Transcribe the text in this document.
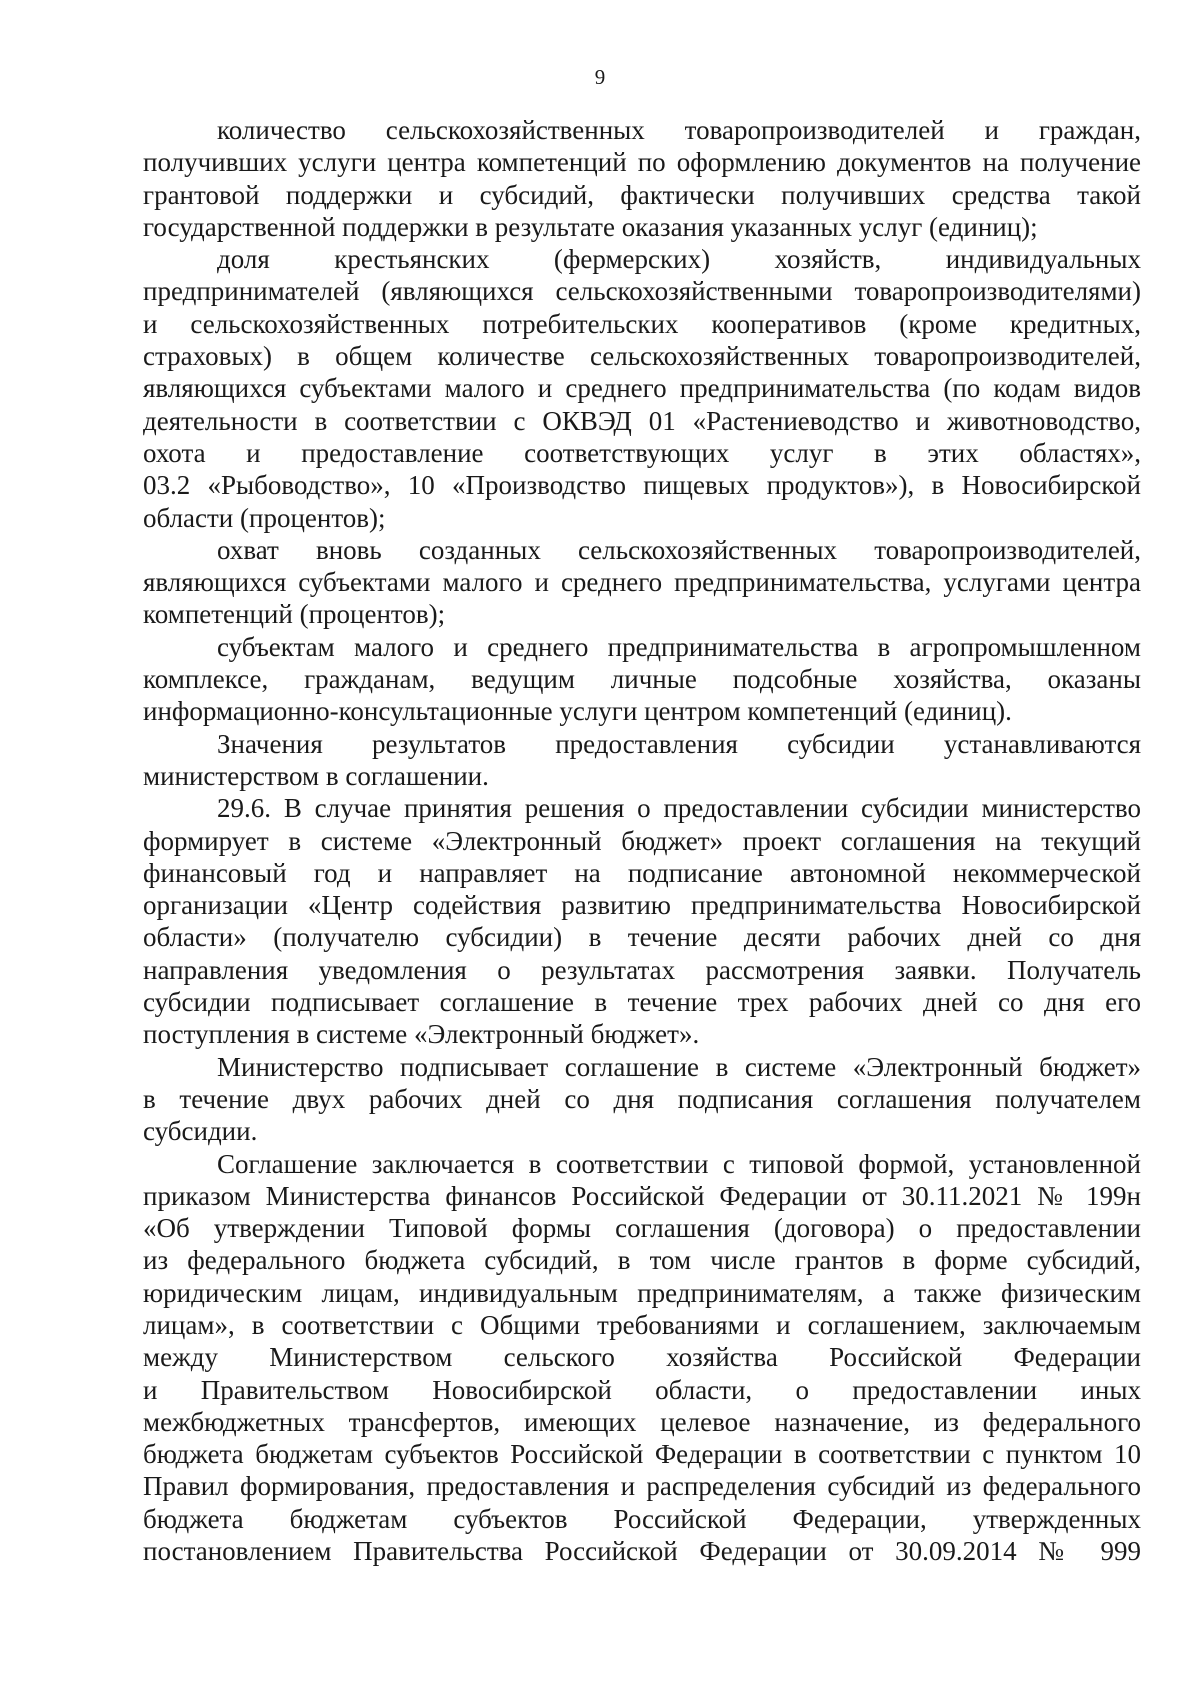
9
количество сельскохозяйственных товаропроизводителей и граждан,
получивших услуги центра компетенций по оформлению документов на получение
грантовой поддержки и субсидий, фактически получивших средства такой
государственной поддержки в результате оказания указанных услуг (единиц);
доля крестьянских (фермерских) хозяйств, индивидуальных
предпринимателей (являющихся сельскохозяйственными товаропроизводителями)
и сельскохозяйственных потребительских кооперативов (кроме кредитных,
страховых) в общем количестве сельскохозяйственных товаропроизводителей,
являющихся субъектами малого и среднего предпринимательства (по кодам видов
деятельности в соответствии с ОКВЭД 01 «Растениеводство и животноводство,
охота и предоставление соответствующих услуг в этих областях»,
03.2 «Рыбоводство», 10 «Производство пищевых продуктов»), в Новосибирской
области (процентов);
охват вновь созданных сельскохозяйственных товаропроизводителей,
являющихся субъектами малого и среднего предпринимательства, услугами центра
компетенций (процентов);
субъектам малого и среднего предпринимательства в агропромышленном
комплексе, гражданам, ведущим личные подсобные хозяйства, оказаны
информационно-консультационные услуги центром компетенций (единиц).
Значения результатов предоставления субсидии устанавливаются
министерством в соглашении.
29.6. В случае принятия решения о предоставлении субсидии министерство
формирует в системе «Электронный бюджет» проект соглашения на текущий
финансовый год и направляет на подписание автономной некоммерческой
организации «Центр содействия развитию предпринимательства Новосибирской
области» (получателю субсидии) в течение десяти рабочих дней со дня
направления уведомления о результатах рассмотрения заявки. Получатель
субсидии подписывает соглашение в течение трех рабочих дней со дня его
поступления в системе «Электронный бюджет».
Министерство подписывает соглашение в системе «Электронный бюджет»
в течение двух рабочих дней со дня подписания соглашения получателем
субсидии.
Соглашение заключается в соответствии с типовой формой, установленной
приказом Министерства финансов Российской Федерации от 30.11.2021 № 199н
«Об утверждении Типовой формы соглашения (договора) о предоставлении
из федерального бюджета субсидий, в том числе грантов в форме субсидий,
юридическим лицам, индивидуальным предпринимателям, а также физическим
лицам», в соответствии с Общими требованиями и соглашением, заключаемым
между Министерством сельского хозяйства Российской Федерации
и Правительством Новосибирской области, о предоставлении иных
межбюджетных трансфертов, имеющих целевое назначение, из федерального
бюджета бюджетам субъектов Российской Федерации в соответствии с пунктом 10
Правил формирования, предоставления и распределения субсидий из федерального
бюджета бюджетам субъектов Российской Федерации, утвержденных
постановлением Правительства Российской Федерации от 30.09.2014 № 999
